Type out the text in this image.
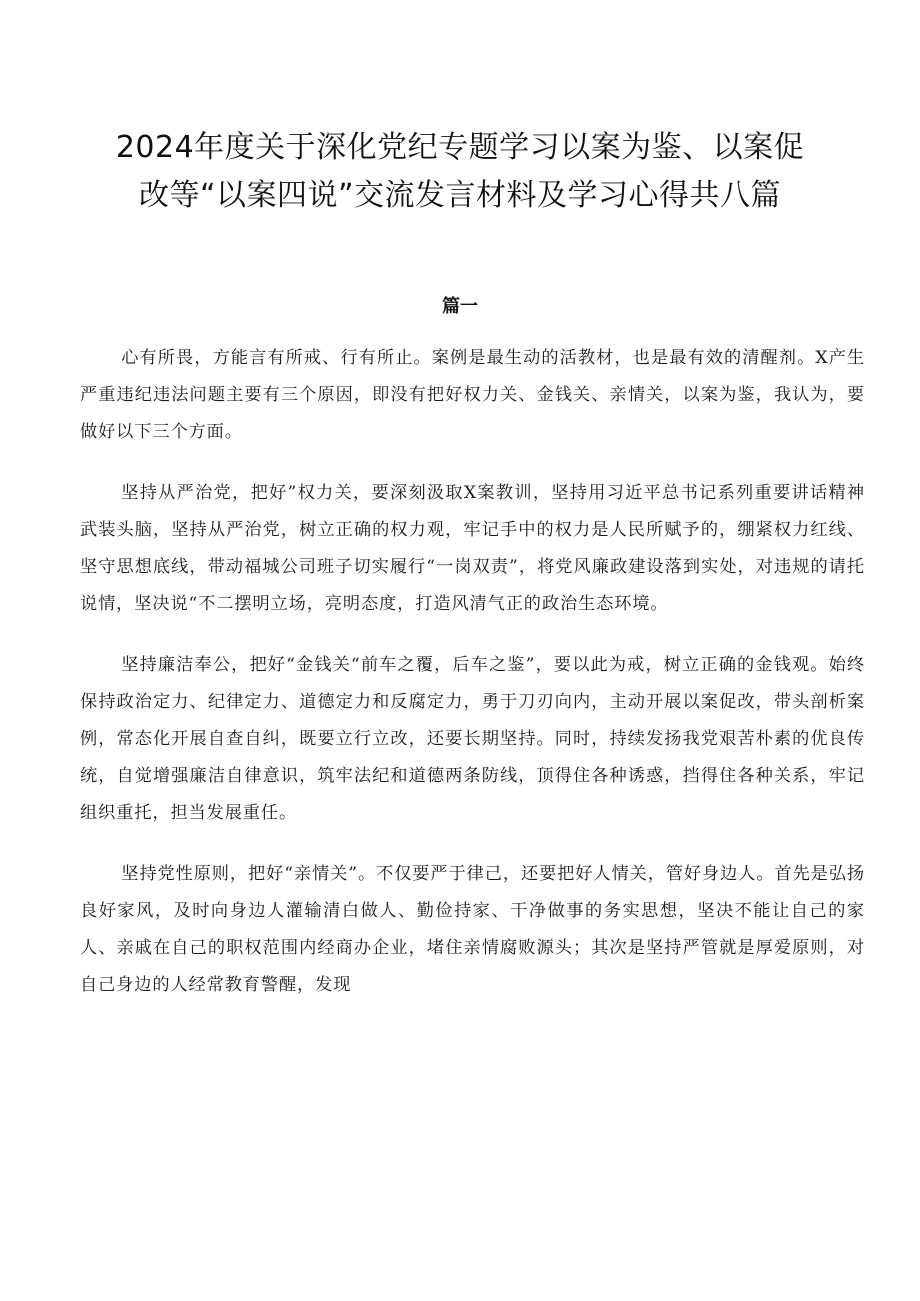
2024年度关于深化党纪专题学习以案为鉴、以案促
改等“以案四说”交流发言材料及学习心得共八篇
篇一

心有所畏，方能言有所戒、行有所止。案例是最生动的活教材，也是最有效的清醒剂。X产生严重违纪违法问题主要有三个原因，即没有把好权力关、金钱关、亲情关，以案为鉴，我认为，要做好以下三个方面。

坚持从严治党，把好”权力关，要深刻汲取X案教训，坚持用习近平总书记系列重要讲话精神武装头脑，坚持从严治党，树立正确的权力观，牢记手中的权力是人民所赋予的，绷紧权力红线、坚守思想底线，带动福城公司班子切实履行“一岗双责”，将党风廉政建设落到实处，对违规的请托说情，坚决说“不二摆明立场，亮明态度，打造风清气正的政治生态环境。

坚持廉洁奉公，把好“金钱关“前车之覆，后车之鉴”，要以此为戒，树立正确的金钱观。始终保持政治定力、纪律定力、道德定力和反腐定力，勇于刀刃向内，主动开展以案促改，带头剖析案例，常态化开展自查自纠，既要立行立改，还要长期坚持。同时，持续发扬我党艰苦朴素的优良传统，自觉增强廉洁自律意识，筑牢法纪和道德两条防线，顶得住各种诱惑，挡得住各种关系，牢记组织重托，担当发展重任。

坚持党性原则，把好“亲情关”。不仅要严于律己，还要把好人情关，管好身边人。首先是弘扬良好家风，及时向身边人灌输清白做人、勤俭持家、干净做事的务实思想，坚决不能让自己的家人、亲戚在自己的职权范围内经商办企业，堵住亲情腐败源头；其次是坚持严管就是厚爱原则，对自己身边的人经常教育警醒，发现
